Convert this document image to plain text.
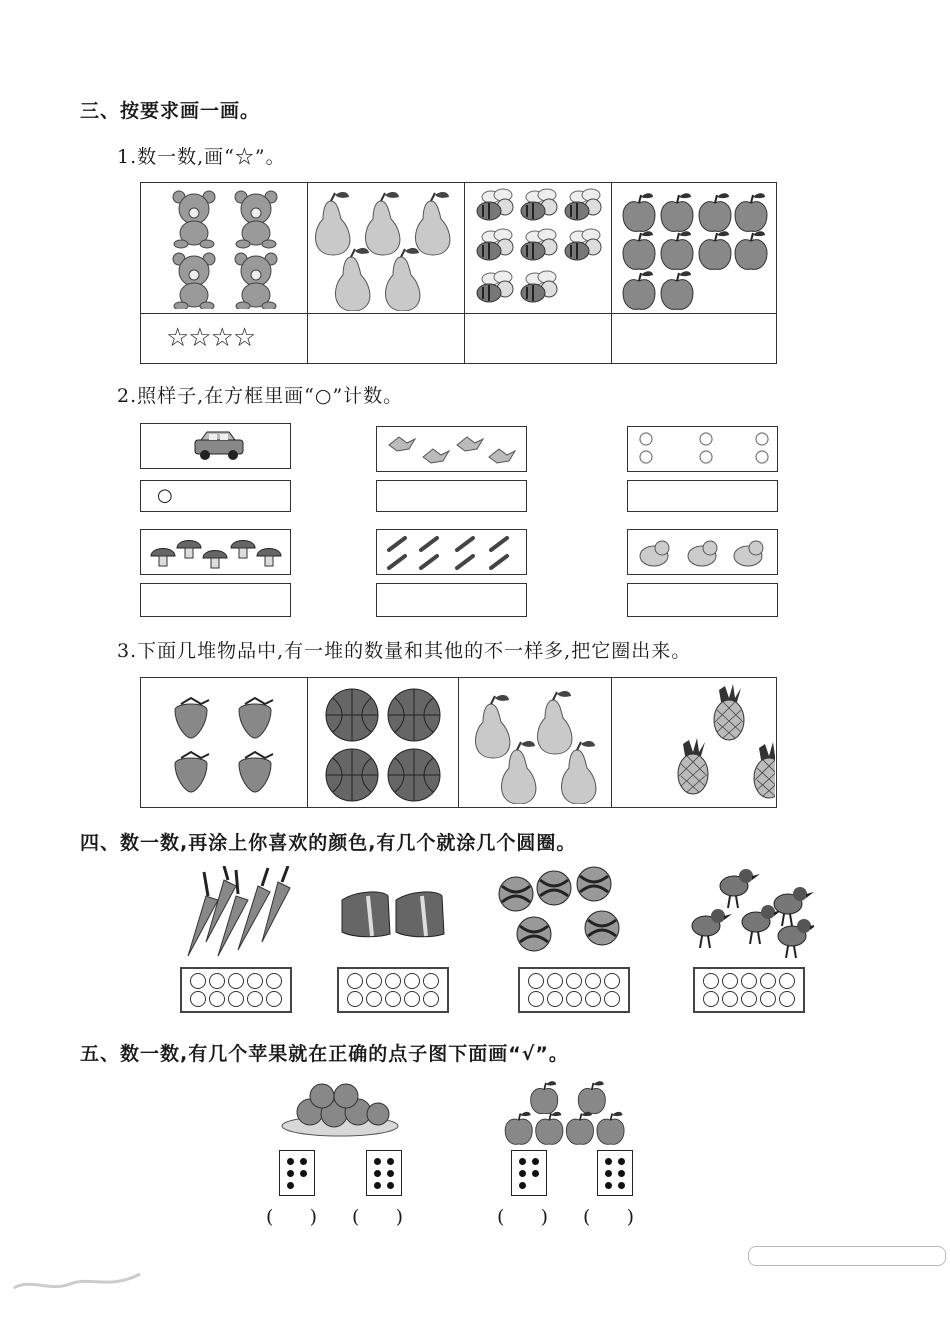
三、按要求画一画。
1.数一数,画“☆”。
☆☆☆☆
2.照样子,在方框里画“○”计数。
○
3.下面几堆物品中,有一堆的数量和其他的不一样多,把它圈出来。
四、数一数,再涂上你喜欢的颜色,有几个就涂几个圆圈。
五、数一数,有几个苹果就在正确的点子图下面画“√”。
(      ) (      )	(      ) (      )
